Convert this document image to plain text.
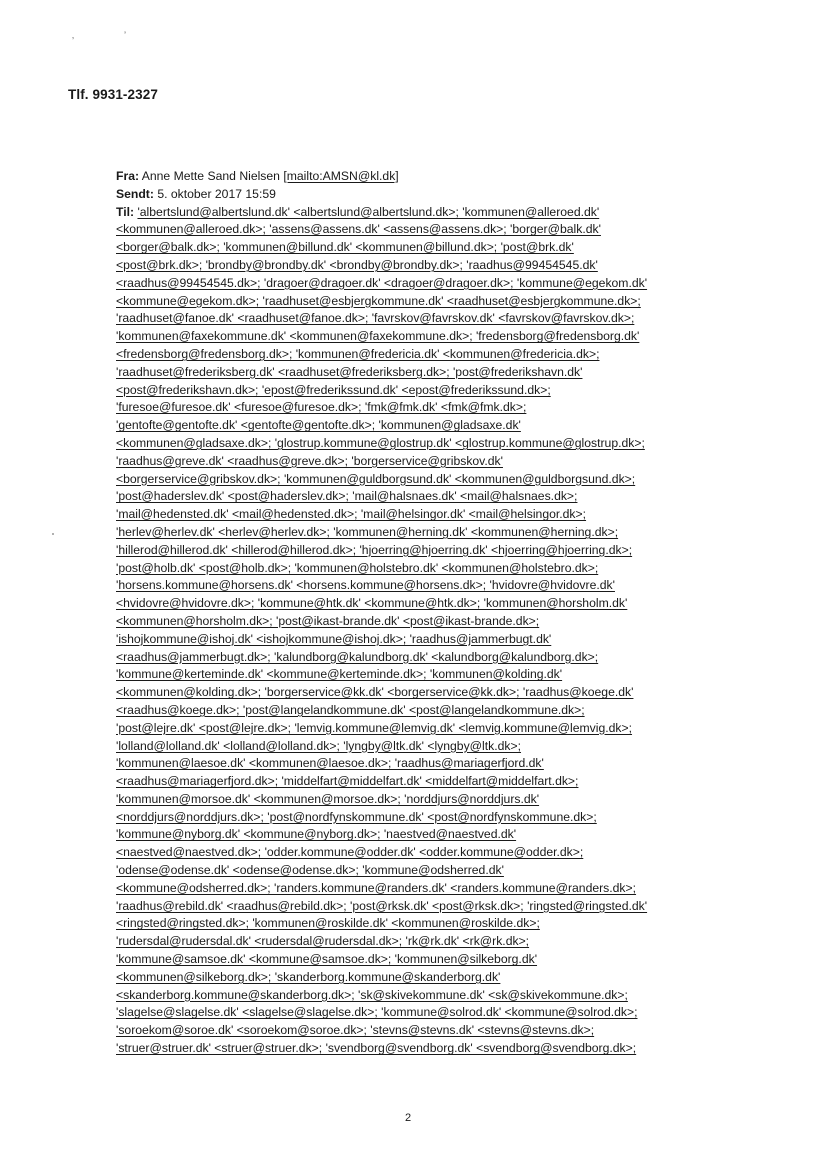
‚’
Tlf. 9931-2327
Fra: Anne Mette Sand Nielsen [mailto:AMSN@kl.dk]
Sendt: 5. oktober 2017 15:59
Til: 'albertslund@albertslund.dk' <albertslund@albertslund.dk>; 'kommunen@alleroed.dk'
<kommunen@alleroed.dk>; 'assens@assens.dk' <assens@assens.dk>; 'borger@balk.dk'
<borger@balk.dk>; 'kommunen@billund.dk' <kommunen@billund.dk>; 'post@brk.dk'
<post@brk.dk>; 'brondby@brondby.dk' <brondby@brondby.dk>; 'raadhus@99454545.dk'
<raadhus@99454545.dk>; 'dragoer@dragoer.dk' <dragoer@dragoer.dk>; 'kommune@egekom.dk'
<kommune@egekom.dk>; 'raadhuset@esbjergkommune.dk' <raadhuset@esbjergkommune.dk>;
'raadhuset@fanoe.dk' <raadhuset@fanoe.dk>; 'favrskov@favrskov.dk' <favrskov@favrskov.dk>;
'kommunen@faxekommune.dk' <kommunen@faxekommune.dk>; 'fredensborg@fredensborg.dk'
<fredensborg@fredensborg.dk>; 'kommunen@fredericia.dk' <kommunen@fredericia.dk>;
'raadhuset@frederiksberg.dk' <raadhuset@frederiksberg.dk>; 'post@frederikshavn.dk'
<post@frederikshavn.dk>; 'epost@frederikssund.dk' <epost@frederikssund.dk>;
'furesoe@furesoe.dk' <furesoe@furesoe.dk>; 'fmk@fmk.dk' <fmk@fmk.dk>;
'gentofte@gentofte.dk' <gentofte@gentofte.dk>; 'kommunen@gladsaxe.dk'
<kommunen@gladsaxe.dk>; 'glostrup.kommune@glostrup.dk' <glostrup.kommune@glostrup.dk>;
'raadhus@greve.dk' <raadhus@greve.dk>; 'borgerservice@gribskov.dk'
<borgerservice@gribskov.dk>; 'kommunen@guldborgsund.dk' <kommunen@guldborgsund.dk>;
'post@haderslev.dk' <post@haderslev.dk>; 'mail@halsnaes.dk' <mail@halsnaes.dk>;
'mail@hedensted.dk' <mail@hedensted.dk>; 'mail@helsingor.dk' <mail@helsingor.dk>;
'herlev@herlev.dk' <herlev@herlev.dk>; 'kommunen@herning.dk' <kommunen@herning.dk>;
'hillerod@hillerod.dk' <hillerod@hillerod.dk>; 'hjoerring@hjoerring.dk' <hjoerring@hjoerring.dk>;
'post@holb.dk' <post@holb.dk>; 'kommunen@holstebro.dk' <kommunen@holstebro.dk>;
'horsens.kommune@horsens.dk' <horsens.kommune@horsens.dk>; 'hvidovre@hvidovre.dk'
<hvidovre@hvidovre.dk>; 'kommune@htk.dk' <kommune@htk.dk>; 'kommunen@horsholm.dk'
<kommunen@horsholm.dk>; 'post@ikast-brande.dk' <post@ikast-brande.dk>;
'ishojkommune@ishoj.dk' <ishojkommune@ishoj.dk>; 'raadhus@jammerbugt.dk'
<raadhus@jammerbugt.dk>; 'kalundborg@kalundborg.dk' <kalundborg@kalundborg.dk>;
'kommune@kerteminde.dk' <kommune@kerteminde.dk>; 'kommunen@kolding.dk'
<kommunen@kolding.dk>; 'borgerservice@kk.dk' <borgerservice@kk.dk>; 'raadhus@koege.dk'
<raadhus@koege.dk>; 'post@langelandkommune.dk' <post@langelandkommune.dk>;
'post@lejre.dk' <post@lejre.dk>; 'lemvig.kommune@lemvig.dk' <lemvig.kommune@lemvig.dk>;
'lolland@lolland.dk' <lolland@lolland.dk>; 'lyngby@ltk.dk' <lyngby@ltk.dk>;
'kommunen@laesoe.dk' <kommunen@laesoe.dk>; 'raadhus@mariagerfjord.dk'
<raadhus@mariagerfjord.dk>; 'middelfart@middelfart.dk' <middelfart@middelfart.dk>;
'kommunen@morsoe.dk' <kommunen@morsoe.dk>; 'norddjurs@norddjurs.dk'
<norddjurs@norddjurs.dk>; 'post@nordfynskommune.dk' <post@nordfynskommune.dk>;
'kommune@nyborg.dk' <kommune@nyborg.dk>; 'naestved@naestved.dk'
<naestved@naestved.dk>; 'odder.kommune@odder.dk' <odder.kommune@odder.dk>;
'odense@odense.dk' <odense@odense.dk>; 'kommune@odsherred.dk'
<kommune@odsherred.dk>; 'randers.kommune@randers.dk' <randers.kommune@randers.dk>;
'raadhus@rebild.dk' <raadhus@rebild.dk>; 'post@rksk.dk' <post@rksk.dk>; 'ringsted@ringsted.dk'
<ringsted@ringsted.dk>; 'kommunen@roskilde.dk' <kommunen@roskilde.dk>;
'rudersdal@rudersdal.dk' <rudersdal@rudersdal.dk>; 'rk@rk.dk' <rk@rk.dk>;
'kommune@samsoe.dk' <kommune@samsoe.dk>; 'kommunen@silkeborg.dk'
<kommunen@silkeborg.dk>; 'skanderborg.kommune@skanderborg.dk'
<skanderborg.kommune@skanderborg.dk>; 'sk@skivekommune.dk' <sk@skivekommune.dk>;
'slagelse@slagelse.dk' <slagelse@slagelse.dk>; 'kommune@solrod.dk' <kommune@solrod.dk>;
'soroekom@soroe.dk' <soroekom@soroe.dk>; 'stevns@stevns.dk' <stevns@stevns.dk>;
'struer@struer.dk' <struer@struer.dk>; 'svendborg@svendborg.dk' <svendborg@svendborg.dk>;
2
